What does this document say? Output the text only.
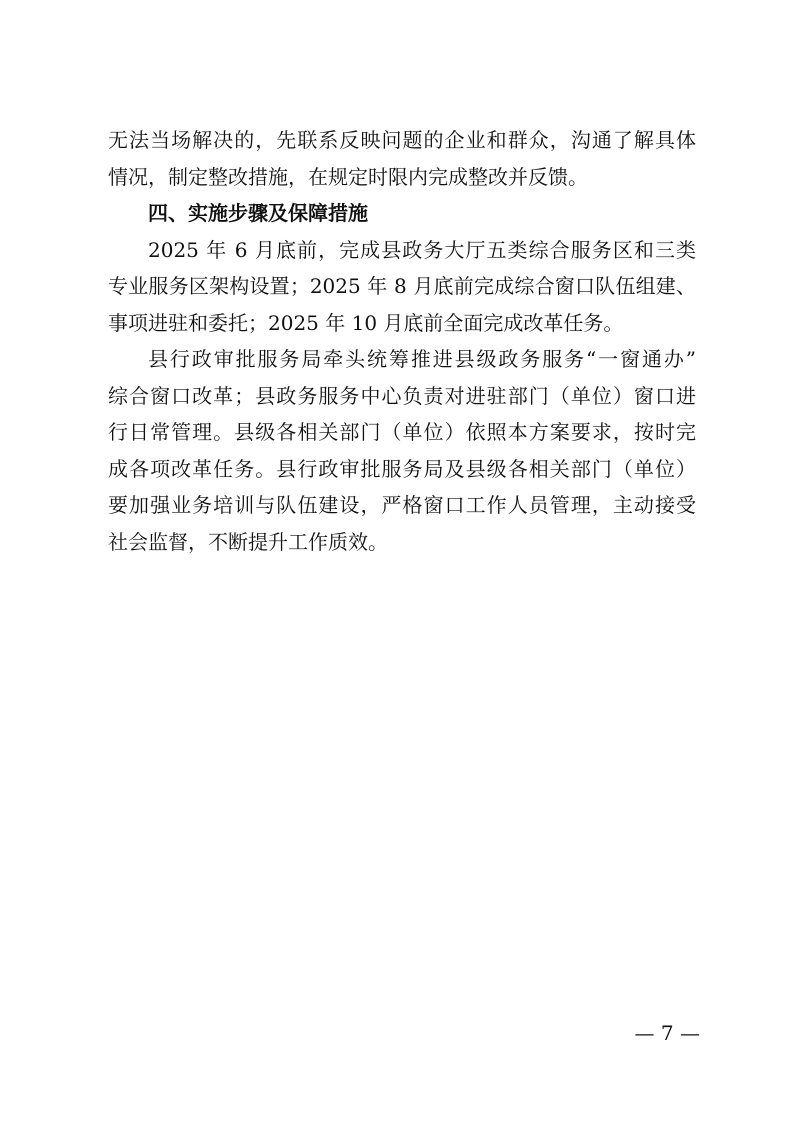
无法当场解决的，先联系反映问题的企业和群众，沟通了解具体
情况，制定整改措施，在规定时限内完成整改并反馈。
四、实施步骤及保障措施
2025 年 6 月底前，完成县政务大厅五类综合服务区和三类
专业服务区架构设置；2025 年 8 月底前完成综合窗口队伍组建、
事项进驻和委托；2025 年 10 月底前全面完成改革任务。
县行政审批服务局牵头统筹推进县级政务服务“一窗通办”
综合窗口改革；县政务服务中心负责对进驻部门（单位）窗口进
行日常管理。县级各相关部门（单位）依照本方案要求，按时完
成各项改革任务。县行政审批服务局及县级各相关部门（单位）
要加强业务培训与队伍建设，严格窗口工作人员管理，主动接受
社会监督，不断提升工作质效。
— 7 —
